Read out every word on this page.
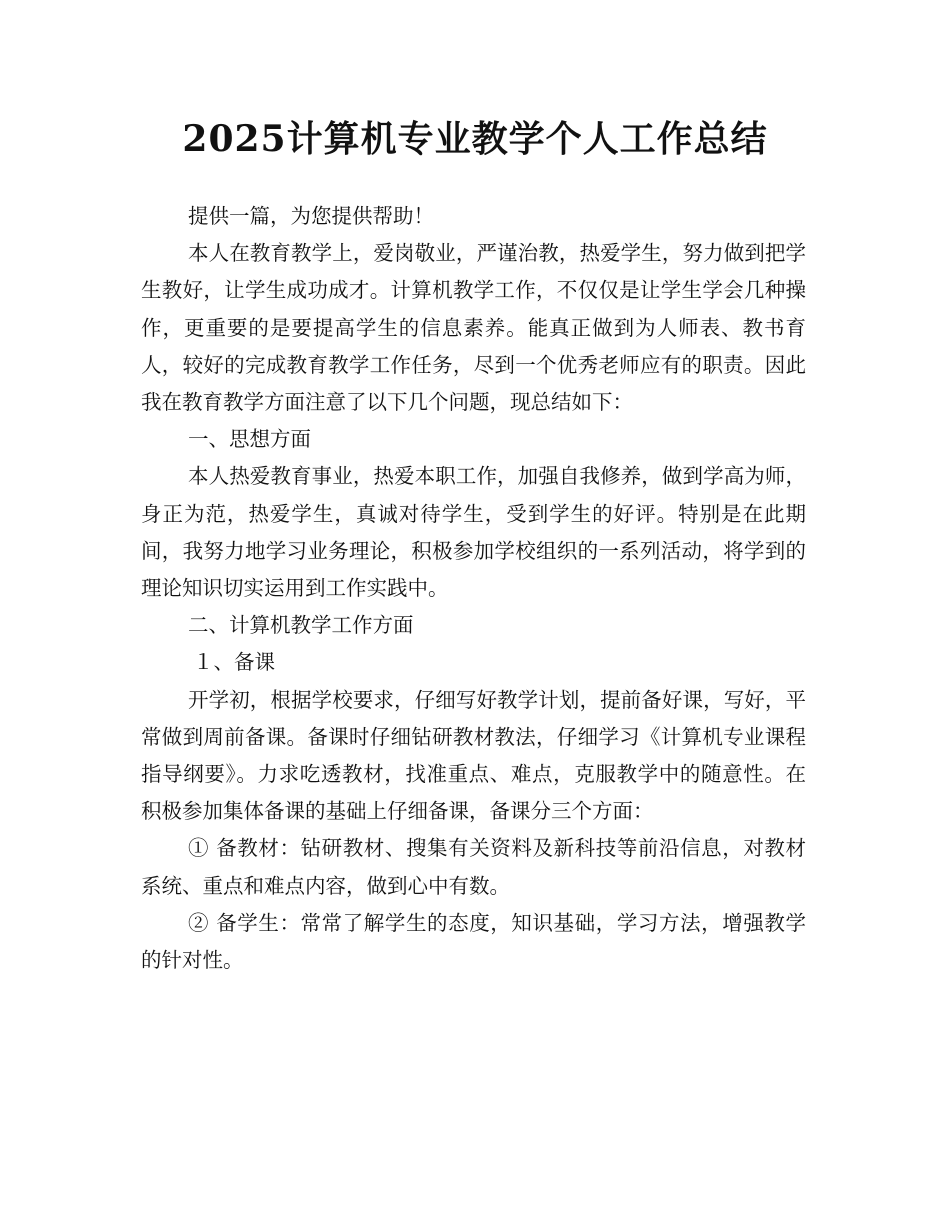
2025计算机专业教学个人工作总结

提供一篇，为您提供帮助！

本人在教育教学上，爱岗敬业，严谨治教，热爱学生，努力做到把学生教好，让学生成功成才。计算机教学工作，不仅仅是让学生学会几种操作，更重要的是要提高学生的信息素养。能真正做到为人师表、教书育人，较好的完成教育教学工作任务，尽到一个优秀老师应有的职责。因此我在教育教学方面注意了以下几个问题，现总结如下：

一、思想方面

本人热爱教育事业，热爱本职工作，加强自我修养，做到学高为师，身正为范，热爱学生，真诚对待学生，受到学生的好评。特别是在此期间，我努力地学习业务理论，积极参加学校组织的一系列活动，将学到的理论知识切实运用到工作实践中。

二、计算机教学工作方面

１、备课

开学初，根据学校要求，仔细写好教学计划，提前备好课，写好，平常做到周前备课。备课时仔细钻研教材教法，仔细学习《计算机专业课程指导纲要》。力求吃透教材，找准重点、难点，克服教学中的随意性。在积极参加集体备课的基础上仔细备课，备课分三个方面：

① 备教材：钻研教材、搜集有关资料及新科技等前沿信息，对教材系统、重点和难点内容，做到心中有数。

② 备学生：常常了解学生的态度，知识基础，学习方法，增强教学的针对性。
